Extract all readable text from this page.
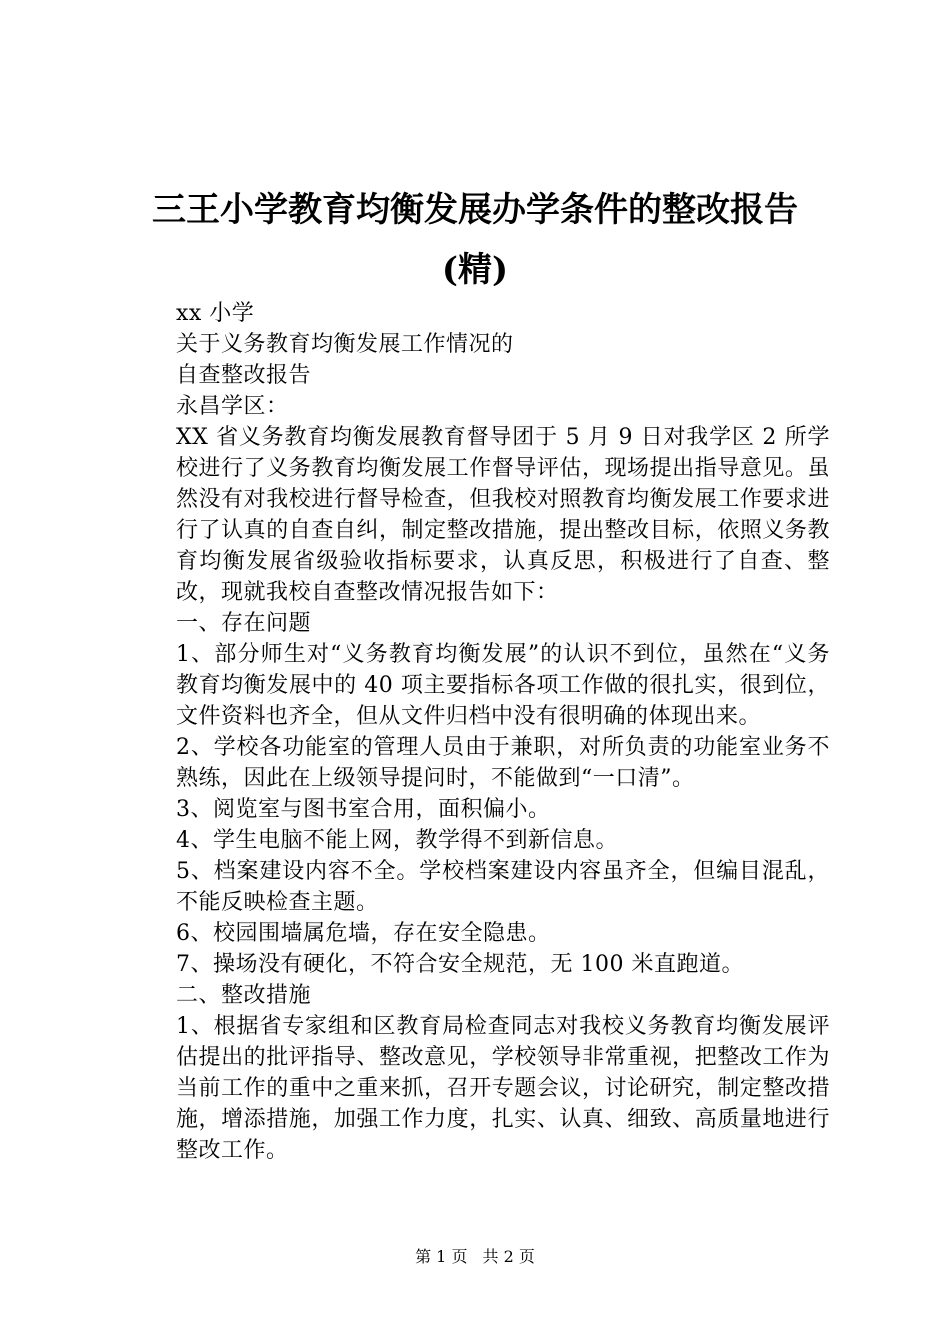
三王小学教育均衡发展办学条件的整改报告
(精)

xx 小学

关于义务教育均衡发展工作情况的

自查整改报告

永昌学区：

XX 省义务教育均衡发展教育督导团于 5 月 9 日对我学区 2 所学校进行了义务教育均衡发展工作督导评估，现场提出指导意见。虽然没有对我校进行督导检查，但我校对照教育均衡发展工作要求进行了认真的自查自纠，制定整改措施，提出整改目标，依照义务教育均衡发展省级验收指标要求，认真反思，积极进行了自查、整改，现就我校自查整改情况报告如下：

一、存在问题

1、部分师生对“义务教育均衡发展”的认识不到位，虽然在“义务教育均衡发展中的 40 项主要指标各项工作做的很扎实，很到位，文件资料也齐全，但从文件归档中没有很明确的体现出来。

2、学校各功能室的管理人员由于兼职，对所负责的功能室业务不熟练，因此在上级领导提问时，不能做到“一口清”。

3、阅览室与图书室合用，面积偏小。

4、学生电脑不能上网，教学得不到新信息。

5、档案建设内容不全。学校档案建设内容虽齐全，但编目混乱，不能反映检查主题。

6、校园围墙属危墙，存在安全隐患。

7、操场没有硬化，不符合安全规范，无 100 米直跑道。

二、整改措施

1、根据省专家组和区教育局检查同志对我校义务教育均衡发展评估提出的批评指导、整改意见，学校领导非常重视，把整改工作为当前工作的重中之重来抓，召开专题会议，讨论研究，制定整改措施，增添措施，加强工作力度，扎实、认真、细致、高质量地进行整改工作。

第 1 页 共 2 页
